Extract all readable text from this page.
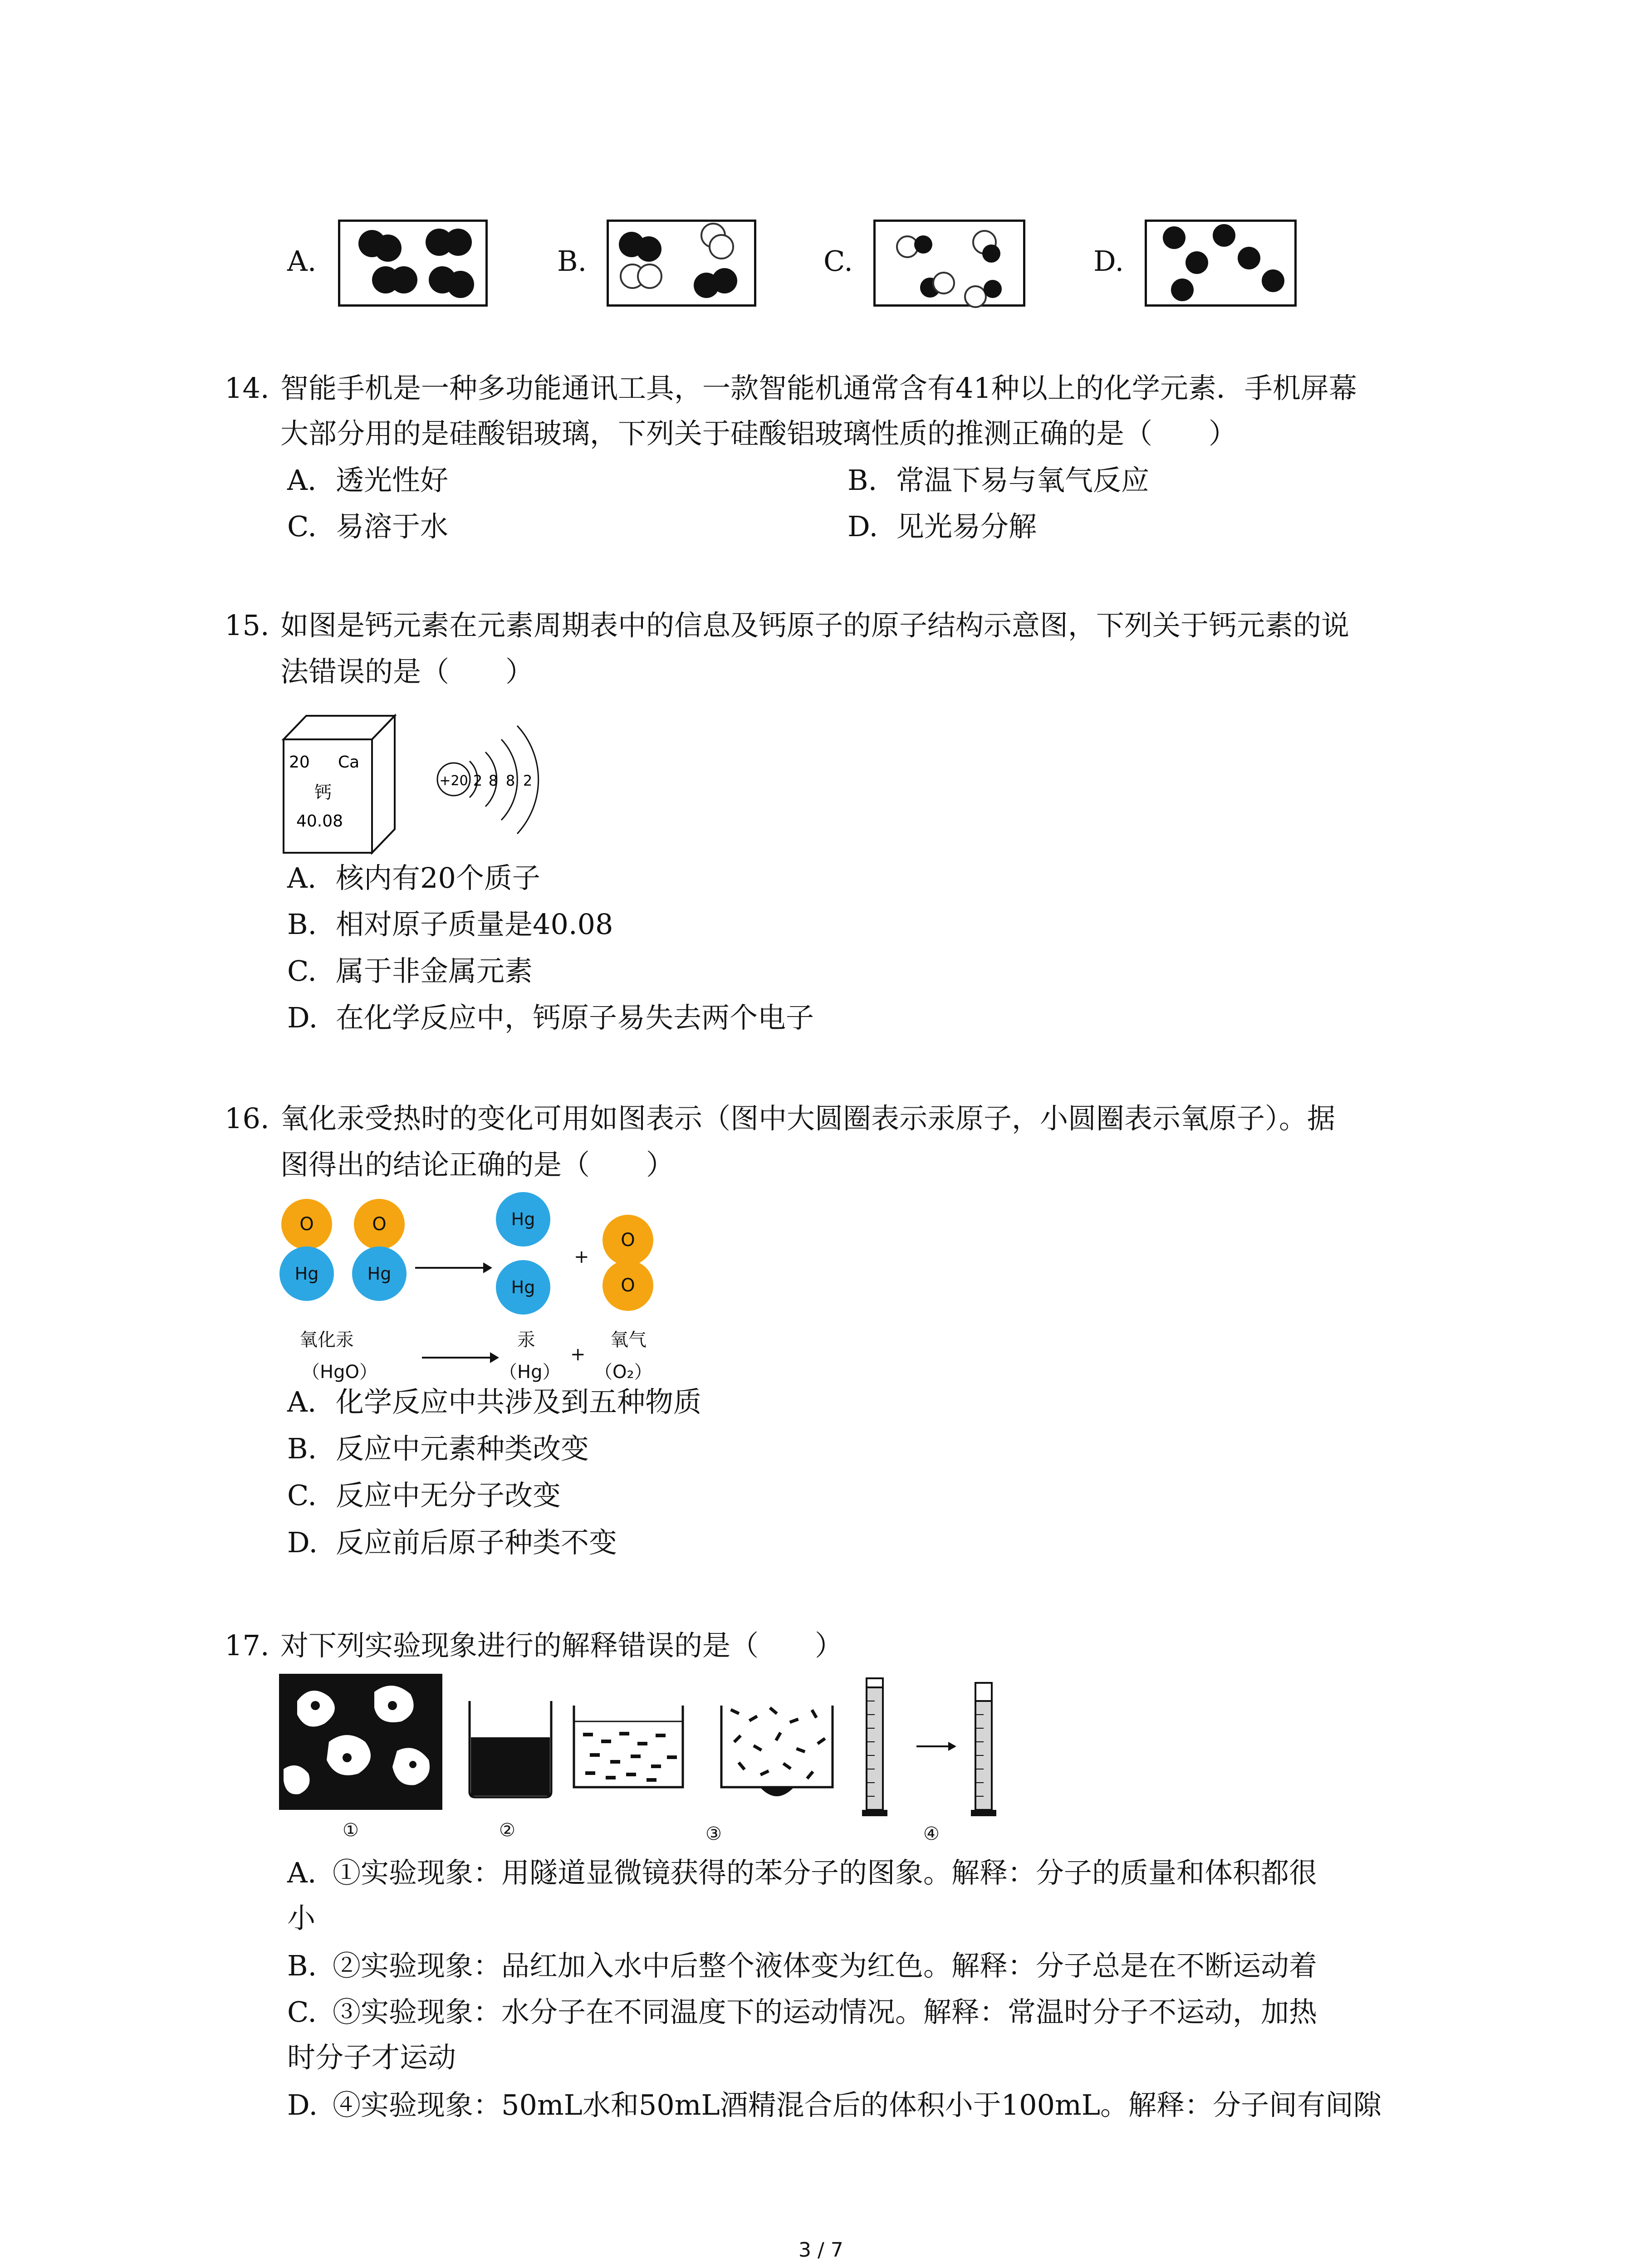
A.	B.	C.	D.
14. 智能手机是一种多功能通讯工具，一款智能机通常含有41种以上的化学元素．手机屏幕
大部分用的是硅酸铝玻璃，下列关于硅酸铝玻璃性质的推测正确的是（　　）
A. 透光性好	B. 常温下易与氧气反应
C. 易溶于水	D. 见光易分解
15. 如图是钙元素在元素周期表中的信息及钙原子的原子结构示意图，下列关于钙元素的说
法错误的是（　　）
20 Ca
钙
40.08
+20 2 8 8 2
A. 核内有20个质子
B. 相对原子质量是40.08
C. 属于非金属元素
D. 在化学反应中，钙原子易失去两个电子
16. 氧化汞受热时的变化可用如图表示（图中大圆圈表示汞原子，小圆圈表示氧原子）。据
图得出的结论正确的是（　　）
O
Hg
O
Hg
Hg
Hg
+
O
O
氧化汞
（HgO）
汞
（Hg）
+
氧气
（O₂）
A. 化学反应中共涉及到五种物质
B. 反应中元素种类改变
C. 反应中无分子改变
D. 反应前后原子种类不变
17. 对下列实验现象进行的解释错误的是（　　）
①	②	③	④
A. ①实验现象：用隧道显微镜获得的苯分子的图象。解释：分子的质量和体积都很
小
B. ②实验现象：品红加入水中后整个液体变为红色。解释：分子总是在不断运动着
C. ③实验现象：水分子在不同温度下的运动情况。解释：常温时分子不运动，加热
时分子才运动
D. ④实验现象：50mL水和50mL酒精混合后的体积小于100mL。解释：分子间有间隙
3 / 7
